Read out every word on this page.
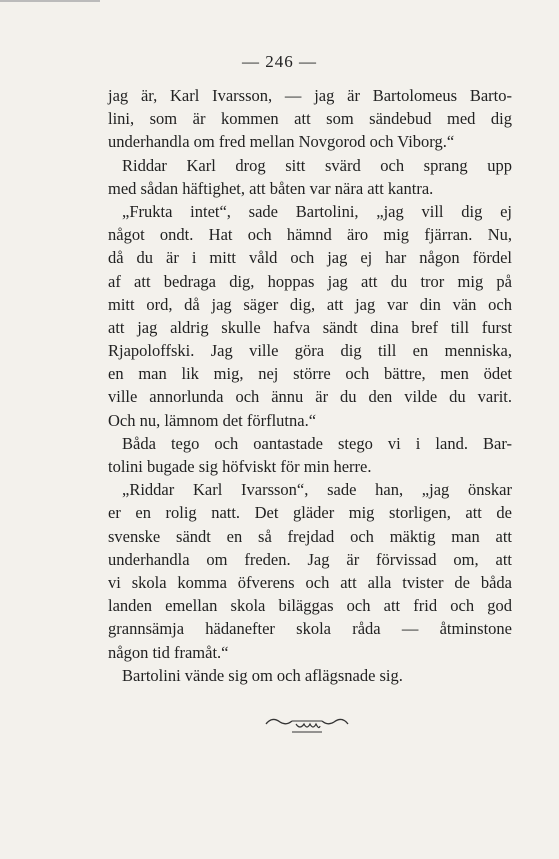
— 246 —
jag är, Karl Ivarsson, — jag är Bartolomeus Barto-
lini, som är kommen att som sändebud med dig
underhandla om fred mellan Novgorod och Viborg.“
Riddar Karl drog sitt svärd och sprang upp
med sådan häftighet, att båten var nära att kantra.
„Frukta intet“, sade Bartolini, „jag vill dig ej
något ondt. Hat och hämnd äro mig fjärran. Nu,
då du är i mitt våld och jag ej har någon fördel
af att bedraga dig, hoppas jag att du tror mig på
mitt ord, då jag säger dig, att jag var din vän och
att jag aldrig skulle hafva sändt dina bref till furst
Rjapoloffski. Jag ville göra dig till en menniska,
en man lik mig, nej större och bättre, men ödet
ville annorlunda och ännu är du den vilde du varit.
Och nu, lämnom det förflutna.“
Båda tego och oantastade stego vi i land. Bar-
tolini bugade sig höfviskt för min herre.
„Riddar Karl Ivarsson“, sade han, „jag önskar
er en rolig natt. Det gläder mig storligen, att de
svenske sändt en så frejdad och mäktig man att
underhandla om freden. Jag är förvissad om, att
vi skola komma öfverens och att alla tvister de båda
landen emellan skola biläggas och att frid och god
grannsämja hädanefter skola råda — åtminstone
någon tid framåt.“
Bartolini vände sig om och aflägsnade sig.
